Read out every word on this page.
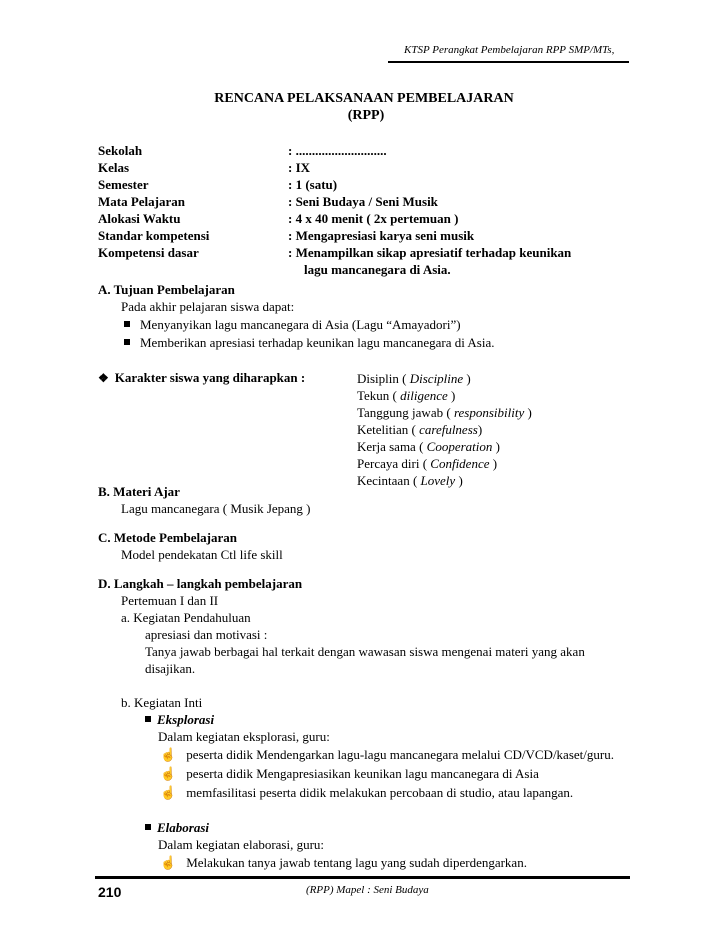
KTSP Perangkat Pembelajaran RPP SMP/MTs,
RENCANA PELAKSANAAN PEMBELAJARAN
(RPP)
Sekolah	: ............................
Kelas	: IX
Semester	: 1 (satu)
Mata Pelajaran	: Seni Budaya / Seni Musik
Alokasi Waktu	: 4 x 40 menit ( 2x pertemuan )
Standar kompetensi	: Mengapresiasi karya seni musik
Kompetensi dasar	: Menampilkan sikap apresiatif terhadap keunikan
lagu mancanegara di Asia.
A. Tujuan Pembelajaran
Pada akhir pelajaran siswa dapat:
Menyanyikan lagu mancanegara di Asia (Lagu “Amayadori”)
Memberikan apresiasi terhadap keunikan lagu mancanegara di Asia.
❖ Karakter siswa yang diharapkan :	Disiplin ( Discipline )
Tekun ( diligence )
Tanggung jawab ( responsibility )
Ketelitian ( carefulness)
Kerja sama ( Cooperation )
Percaya diri ( Confidence )
Kecintaan ( Lovely )
B. Materi Ajar
Lagu mancanegara ( Musik Jepang )
C. Metode Pembelajaran
Model pendekatan Ctl life skill
D. Langkah – langkah pembelajaran
Pertemuan I dan II
a. Kegiatan Pendahuluan
apresiasi dan motivasi :
Tanya jawab berbagai hal terkait dengan wawasan siswa mengenai materi yang akan
disajikan.
b. Kegiatan Inti
Eksplorasi
Dalam kegiatan eksplorasi, guru:
☝ peserta didik Mendengarkan lagu-lagu mancanegara melalui CD/VCD/kaset/guru.
☝ peserta didik Mengapresiasikan keunikan lagu mancanegara di Asia
☝ memfasilitasi peserta didik melakukan percobaan di studio, atau lapangan.
Elaborasi
Dalam kegiatan elaborasi, guru:
☝ Melakukan tanya jawab tentang lagu yang sudah diperdengarkan.
210	(RPP) Mapel : Seni Budaya
